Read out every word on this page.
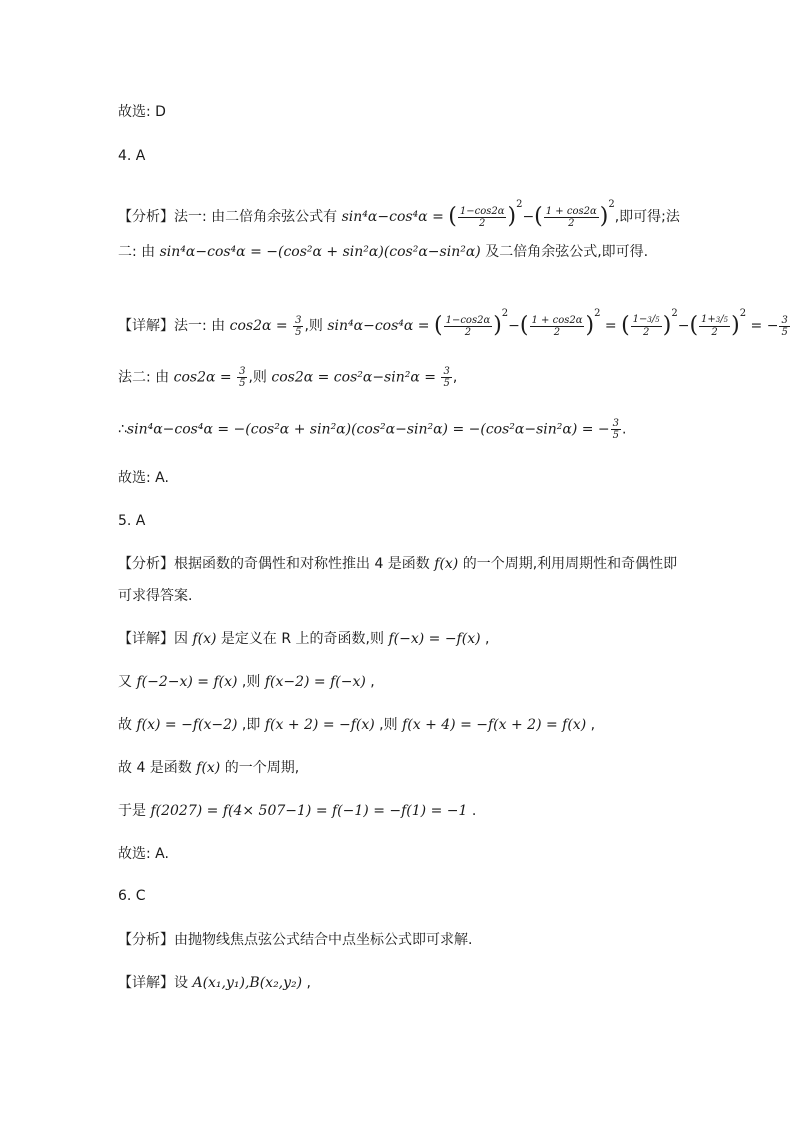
故选: D
4. A
【分析】法一: 由二倍角余弦公式有 sin⁴α−cos⁴α = ( $\frac{1-\cos 2\alpha}{2} )^2-( \frac{1 + \cos 2\alpha}{2} )^2$,即可得;法
二: 由 sin⁴α−cos⁴α = −(cos²α + sin²α)(cos²α−sin²α) 及二倍角余弦公式,即可得.
【详解】法一: 由 $\cos 2\alpha = \frac{3}{5}$ ,则 sin⁴α−cos⁴α = ( $\frac{1-\cos 2\alpha}{2} )^2-( \frac{1 + \cos 2\alpha}{2} )^2$ = ( $\frac{1-3/5}{2} )^2-( \frac{1+3/5}{2} )^2$ = − $\frac{3}{5}$
法二: 由 $\cos 2\alpha = \frac{3}{5}$ ,则 $\cos 2\alpha = \cos^2\alpha-\sin^2\alpha = \frac{3}{5}$ ,
∴sin⁴α−cos⁴α = −(cos²α + sin²α)(cos²α−sin²α) = −(cos²α−sin²α) = − $\frac{3}{5}$ .
故选: A.
5. A
【分析】根据函数的奇偶性和对称性推出 4 是函数 f(x) 的一个周期,利用周期性和奇偶性即
可求得答案.
【详解】因 f(x) 是定义在 R 上的奇函数,则 f(−x) = −f(x) ,
又 f(−2−x) = f(x) ,则 f(x−2) = f(−x) ,
故 f(x) = −f(x−2) ,即 f(x + 2) = −f(x) ,则 f(x + 4) = −f(x + 2) = f(x) ,
故 4 是函数 f(x) 的一个周期,
于是 f(2027) = f(4× 507−1) = f(−1) = −f(1) = −1 .
故选: A.
6. C
【分析】由抛物线焦点弦公式结合中点坐标公式即可求解.
【详解】设 A(x₁,y₁),B(x₂,y₂) ,
